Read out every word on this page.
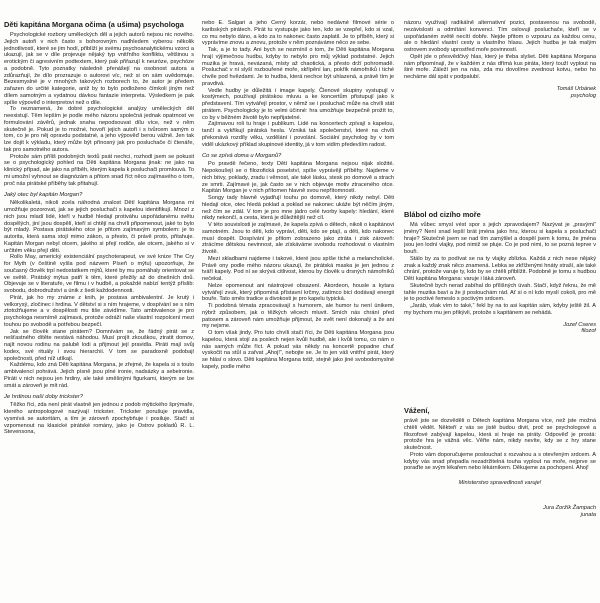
Děti kapitána Morgana očima (a ušima) psychologa

Psychologické rozbory uměleckých děl a jejich autorů nejsou nic nového. Jejich autoři v nich často s bohorovným nadhledem vyberou několik jednotlivostí, které se jim hodí, přiblíží je svému psychoanalytickému vzorci a ukazují, jak se v díle projevuje nějaký typ vnitřního konfliktu, většinou s erotickým či agresivním podtextem, který pak přiřazují k neuróze, psychóze a podobně. Tyto poznatky následně přenášejí na osobnost autora a zdůrazňují, že dílo prozrazuje o autorovi víc, než si on sám uvědomuje. Bezesmyslné je v mnohých takových rozborech to, že autor je předem zařazen do určité kategorie, aniž by to bylo podloženo čímkoli jiným než dílem samotným a vydatnou dávkou fantazie interpreta. Výsledkem je pak spíše výpověď o interpretovi než o díle.

To neznamená, že dobré psychologické analýzy uměleckých děl neexistují. Těm lepším je podle mého názoru společná jednak opatrnost ve formulování závěrů, jednak snaha nepodsouvat dílu více, než v něm skutečně je. Pokud je to možné, hovoří jejich autoři i s tvůrcem samým o tom, co je pro něj opravdu podstatné, a jeho výpověď berou vážně. Jen tak lze dojít k výkladu, který může být přínosný jak pro posluchače či čtenáře, tak pro samotného autora.

Protože sám příliš podobných textů psát nechci, rozhodl jsem se pokusit se o psychologický pohled na Děti kapitána Morgana jinak: ne jako na klinický případ, ale jako na příběh, kterým kapela k posluchači promlouvá. To mi umožní vyhnout se diagnózám a přitom snad říct něco zajímavého o tom, proč nás pirátské příběhy tak přitahují.

Jaký otec byl kapitán Morgan?

Několikaletá, nikoli zcela náhodná znalost Dětí kapitána Morgana mi umožňuje pozorovat, jak se jejich posluchači s kapelou identifikují. Mnozí z nich jsou mladí lidé, kteří v hudbě hledají protiváhu uspořádanému světu dospělých, jiní jsou dospělí, kteří si chtějí na chvíli připomenout, jaké to bylo být mladý. Postava pirátského otce je přitom zajímavým symbolem: je to autorita, která sama stojí mimo zákon, a přesto, či právě proto, přitahuje. Kapitán Morgan nebyl otcem, jakého si přejí rodiče, ale otcem, jakého si v určitém věku přejí děti.

Rollo May, americký existenciální psychoterapeut, ve své knize The Cry for Myth (v češtině vyšla pod názvem Píseň o mýtu) upozorňuje, že současný člověk trpí nedostatkem mýtů, které by mu pomáhaly orientovat se ve světě. Pirátský mýtus patří k těm, které přežily až do dnešních dnů. Objevuje se v literatuře, ve filmu i v hudbě, a pokaždé nabízí tentýž příslib: svobodu, dobrodružství a únik z šedi každodennosti.

Pirát, jak ho my známe z knih, je postava ambivalentní. Je krutý i velkorysý, zločinec i hrdina. V dětství si s ním hrajeme, v dospívání se s ním ztotožňujeme a v dospělosti mu tiše závidíme. Tato ambivalence je pro psychologa nesmírně zajímavá, protože odráží naše vlastní rozpolcení mezi touhou po svobodě a potřebou bezpečí.

Jak se člověk stane pirátem? Domnívám se, že řádný pirát se z nešťastného dítěte nestává náhodou. Musí projít zkouškou, ztratit domov, najít novou rodinu na palubě lodi a přijmout její pravidla. Piráti mají svůj kodex, své rituály i svou hierarchii. V tom se paradoxně podobají společnosti, před níž utíkají.

Každému, kdo zná Děti kapitána Morgana, je zřejmé, že kapela si s touto ambivalencí pohrává. Jejich písně jsou plné ironie, nadsázky a sebeironie. Piráti v nich nejsou jen hrdiny, ale také směšnými figurkami, kterým se lze smát a zároveň je mít rád.

Je hrdinou naší doby trickster?

Těžko říci, zda není pirát vlastně jen jednou z podob mýtického šprýmaře, kterého antropologové nazývají trickster. Trickster porušuje pravidla, vysmívá se autoritám, a tím je zároveň zpochybňuje i posiluje. Stačí si vzpomenout na klasické pirátské romány, jako je Ostrov pokladů R. L. Stevensona,

nebo E. Salgari a jeho Černý korzár, nebo nedávné filmové série o karibských pirátech. Pirát tu vystupuje jako ten, kdo se vzepřel, kdo si vzal, co mu nebylo dáno, a kdo za to nakonec často zaplatil. Je to příběh, který si vyprávíme znovu a znovu, protože v něm poznáváme něco ze sebe.

Tak, a je to tady. Ani bych se nezmínil o tom, že Děti kapitána Morgana hrají výjimečnou hudbu, kdyby to nebylo pro můj výklad podstatné. Jejich muzika je hravá, nevázaná, místy až chaotická, a přesto drží pohromadě. Posluchač v ní slyší rozbouřené moře, skřípění lan, pokřik námořníků i tiché chvíle pod hvězdami. Je to hudba, která nechce být uhlazená, a právě tím je pravdivá.

Vedle hudby je důležitá i image kapely. Členové skupiny vystupují v kostýmech, používají pirátskou mluvu a ke koncertům přistupují jako k představení. Tím vytvářejí prostor, v němž se i posluchač může na chvíli stát pirátem. Psychologicky je to velmi účinné: hra umožňuje bezpečně prožít to, co by v běžném životě bylo nepřijatelné.

Zajímavou roli tu hraje i publikum. Lidé na koncertech zpívají s kapelou, tančí a vykřikují pirátská hesla. Vzniká tak společenství, které na chvíli překonává rozdíly věku, vzdělání i povolání. Sociální psycholog by v tom viděl ukázkový příklad skupinové identity, já v tom vidím především radost.

Co se zpívá doma u Morganů?

Po pravdě řečeno, texty Dětí kapitána Morgana nejsou nijak složité. Nepokoušejí se o filozofická poselství, spíše vyprávějí příběhy. Najdeme v nich bitvy, poklady, zradu i věrnost, ale také lásku, stesk po domově a strach ze smrti. Zajímavé je, jak často se v nich objevuje motiv ztraceného otce. Kapitán Morgan je v nich přítomen hlavně svou nepřítomností.

Songy tady hlavně vyjadřují touhu po domově, který nikdy nebyl. Děti hledají otce, otec hledá poklad a poklad se nakonec ukáže být něčím jiným, než čím se zdál. V tom je pro mne jádro celé tvorby kapely: hledání, které nikdy nekončí, a cesta, která je důležitější než cíl.

V této souvislosti je zajímavé, že kapela zpívá o dětech, nikoli o kapitánovi samotném. Jsou to děti, kdo vypráví, děti, kdo se ptají, a děti, kdo nakonec musí dospět. Dospívání je přitom zobrazeno jako ztráta i zisk zároveň: ztrácíme dětskou nevinnost, ale získáváme svobodu rozhodovat o vlastním životě.

Mezi skladbami najdeme i takové, které jsou spíše tiché a melancholické. Právě ony podle mého názoru ukazují, že pirátská maska je jen jednou z tváří kapely. Pod ní se skrývá citlivost, kterou by člověk u drsných námořníků nečekal.

Nelze opomenout ani nástrojové obsazení. Akordeon, housle a kytara vytvářejí zvuk, který připomíná přístavní krčmy, zatímco bicí dodávají energii bouře. Tato směs tradice a divokosti je pro kapelu typická.

Ti podobná témata zpracovávají s humorem, ale humor tu není únikem, nýbrž způsobem, jak o těžkých věcech mluvit. Smích nás chrání před patosem a zároveň nám umožňuje přijmout, že svět není dokonalý a že ani my nejsme.

O tom však jindy. Pro tuto chvíli stačí říci, že Děti kapitána Morgana jsou kapelou, která stojí za poslech nejen kvůli hudbě, ale i kvůli tomu, co nám o nás samých může říct. A pokud vás někdy na koncertě popadne chuť vyskočit na stůl a zařvat „Ahoj!“, nebojte se. Je to jen váš vnitřní pirát, který se hlásí o slovo. Děti kapitána Morgana totiž, stejně jako jiné svobodomyslné kapely, podle mého

názoru využívají radikálně alternativní pozici, postavenou na svobodě, nezávislosti a odmítání konvencí. Tím oslovují posluchače, kteří se v uspořádaném světě necítí dobře. Nejde přitom o vzpouru za každou cenu, ale o hledání vlastní cesty a vlastního hlasu. Jejich hudba je tak malým ostrovem svobody uprostřed moře povinností.

Opět jde o přesvědčivý hlas, který je třeba slyšet. Děti kapitána Morgana nám připomínají, že v každém z nás dřímá kus piráta, který touží vyplout na širé moře. Záleží jen na nás, zda mu dovolíme zvednout kotvu, nebo ho necháme dál spát v podpalubí.

Tomáš Urbánek
psycholog
Blábol od cizího moře

Má vůbec smysl vést spor s jejich zpravodajem? Nazývat je „pravými“ jmény? Není snad lepší brát jména jako hru, kterou si kapela s posluchači hraje? Skutečně jsem se nad tím zamýšlel a dospěl jsem k tomu, že jména jsou jen lodní vlajky, pod nimiž se pluje. Co je pod nimi, to se pozná teprve v bouři.

Stálo by za to podívat se na ty vlajky zblízka. Každá z nich nese nějaký znak a každý znak něco znamená. Lebka se zkříženými hnáty straší, ale také chrání, protože varuje ty, kdo by se chtěli přiblížit. Podobně je tomu s hudbou Dětí kapitána Morgana: varuje i láká zároveň.

Skutečně bych nerad zabíhal do přílišných úvah. Stačí, když řeknu, že mě tahle muzika baví a že ji poslouchám rád. Ať si o ní kdo myslí cokoli, pro mě je to poctivé řemeslo s poctivým srdcem.

„Jaráb, však vím to také,“ řekl by na to asi kapitán sám, kdyby ještě žil. A my bychom mu jen přikývli, protože s kapitánem se nehádá.

Jozef Cseres
filozof
Vážení,

právě jste se dozvěděli o Dětech kapitána Morgana více, než jste možná chtěli vědět. Někteří z vás se jistě budou divit, proč se psychologové a filozofové zabývají kapelou, která si hraje na piráty. Odpověď je prostá: protože hra je vážná věc. Věřte nám, nikdy nevíte, kdy se z hry stane skutečnost.

Proto vám doporučujeme poslouchat s rozvahou a s otevřeným srdcem. A kdyby vás snad přepadla nezadržitelná touha vyplout na moře, nejprve se poraďte se svým lékařem nebo lékárníkem. Děkujeme za pochopení. Ahoj!

Ministerstvo spravedlnosti varuje!
Jura Zoržík Žampach
junata
